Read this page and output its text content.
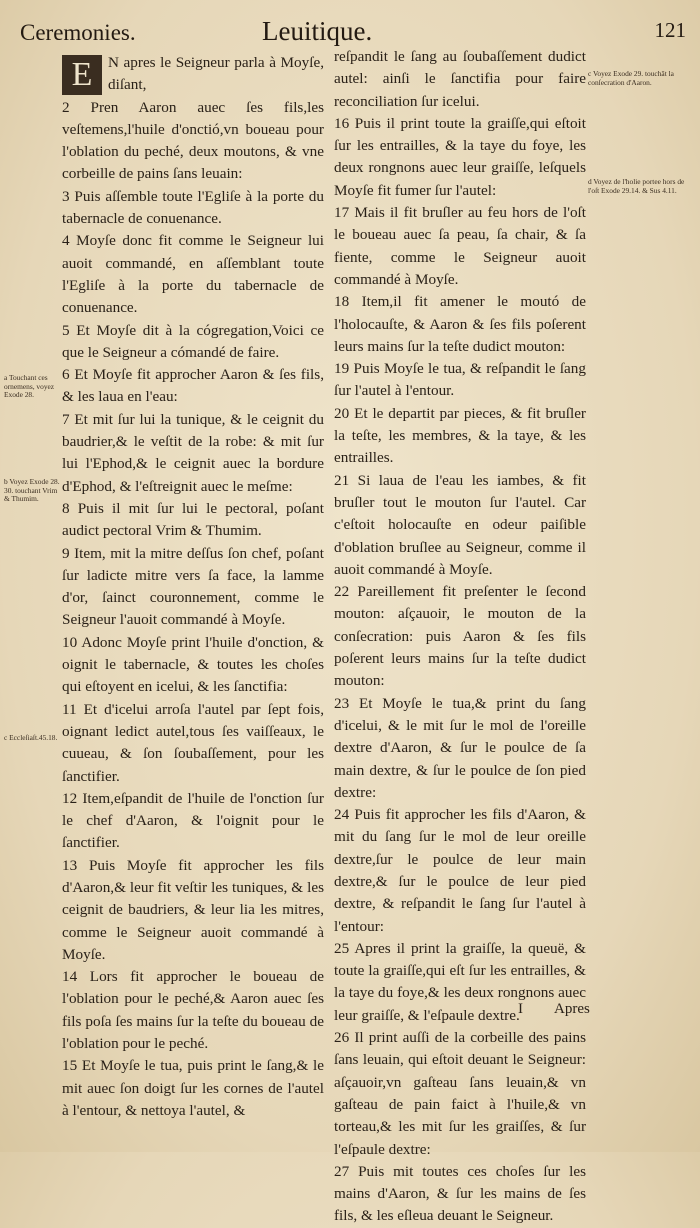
Ceremonies.	Leuitique.	121
a Touchant ces ornemens, voyez Exode 28.
b Voyez Exode 28. 30. touchant Vrim & Thumim.
c Eccleſiaſt.45.18.
c Voyez Exode 29. touchāt la conſecration d'Aaron.
d Voyez de l'holie portee hors de l'oſt Exode 29.14. & Sus 4.11.
E	N apres le Seigneur parla à Moyſe, diſant,

2 Pren Aaron auec ſes fils,les veſtemens,l'huile d'onctió,vn boueau pour l'oblation du peché, deux moutons, & vne corbeille de pains ſans leuain:

3 Puis aſſemble toute l'Egliſe à la porte du tabernacle de conuenance.

4 Moyſe donc fit comme le Seigneur lui auoit commandé, en aſſemblant toute l'Egliſe à la porte du tabernacle de conuenance.

5 Et Moyſe dit à la cógregation,Voici ce que le Seigneur a cómandé de faire.

6 Et Moyſe fit approcher Aaron & ſes fils, & les laua en l'eau:

7 Et mit ſur lui la tunique, & le ceignit du baudrier,& le veſtit de la robe: & mit ſur lui l'Ephod,& le ceignit auec la bordure d'Ephod, & l'eſtreignit auec le meſme:

8 Puis il mit ſur lui le pectoral, poſant audict pectoral Vrim & Thumim.

9 Item, mit la mitre deſſus ſon chef, poſant ſur ladicte mitre vers ſa face, la lamme d'or, ſainct couronnement, comme le Seigneur l'auoit commandé à Moyſe.

10 Adonc Moyſe print l'huile d'onction, & oignit le tabernacle, & toutes les choſes qui eſtoyent en icelui, & les ſanctifia:

11 Et d'icelui arroſa l'autel par ſept fois, oignant ledict autel,tous ſes vaiſſeaux, le cuueau, & ſon ſoubaſſement, pour les ſanctifier.

12 Item,eſpandit de l'huile de l'onction ſur le chef d'Aaron, & l'oignit pour le ſanctifier.

13 Puis Moyſe fit approcher les fils d'Aaron,& leur fit veſtir les tuniques, & les ceignit de baudriers, & leur lia les mitres, comme le Seigneur auoit commandé à Moyſe.

14 Lors fit approcher le boueau de l'oblation pour le peché,& Aaron auec ſes fils poſa ſes mains ſur la teſte du boueau de l'oblation pour le peché.

15 Et Moyſe le tua, puis print le ſang,& le mit auec ſon doigt ſur les cornes de l'autel à l'entour, & nettoya l'autel, &

reſpandit le ſang au ſoubaſſement dudict autel: ainſi le ſanctifia pour faire reconciliation ſur icelui.

16 Puis il print toute la graiſſe,qui eſtoit ſur les entrailles, & la taye du foye, les deux rongnons auec leur graiſſe, leſquels Moyſe fit fumer ſur l'autel:

17 Mais il fit bruſler au feu hors de l'oſt le boueau auec ſa peau, ſa chair, & ſa fiente, comme le Seigneur auoit commandé à Moyſe.

18 Item,il fit amener le moutó de l'holocauſte, & Aaron & ſes fils poſerent leurs mains ſur la teſte dudict mouton:

19 Puis Moyſe le tua, & reſpandit le ſang ſur l'autel à l'entour.

20 Et le departit par pieces, & fit bruſler la teſte, les membres, & la taye, & les entrailles.

21 Si laua de l'eau les iambes, & fit bruſler tout le mouton ſur l'autel. Car c'eſtoit holocauſte en odeur paiſible d'oblation bruſlee au Seigneur, comme il auoit commandé à Moyſe.

22 Pareillement fit preſenter le ſecond mouton: aſçauoir, le mouton de la conſecration: puis Aaron & ſes fils poſerent leurs mains ſur la teſte dudict mouton:

23 Et Moyſe le tua,& print du ſang d'icelui, & le mit ſur le mol de l'oreille dextre d'Aaron, & ſur le poulce de ſa main dextre, & ſur le poulce de ſon pied dextre:

24 Puis fit approcher les fils d'Aaron, & mit du ſang ſur le mol de leur oreille dextre,ſur le poulce de leur main dextre,& ſur le poulce de leur pied dextre, & reſpandit le ſang ſur l'autel à l'entour:

25 Apres il print la graiſſe, la queuë, & toute la graiſſe,qui eſt ſur les entrailles, & la taye du foye,& les deux rongnons auec leur graiſſe, & l'eſpaule dextre.

26 Il print auſſi de la corbeille des pains ſans leuain, qui eſtoit deuant le Seigneur: aſçauoir,vn gaſteau ſans leuain,& vn gaſteau de pain faict à l'huile,& vn torteau,& les mit ſur les graiſſes, & ſur l'eſpaule dextre:

27 Puis mit toutes ces choſes ſur les mains d'Aaron, & ſur les mains de ſes fils, & les eſleua deuant le Seigneur.

I Apres
